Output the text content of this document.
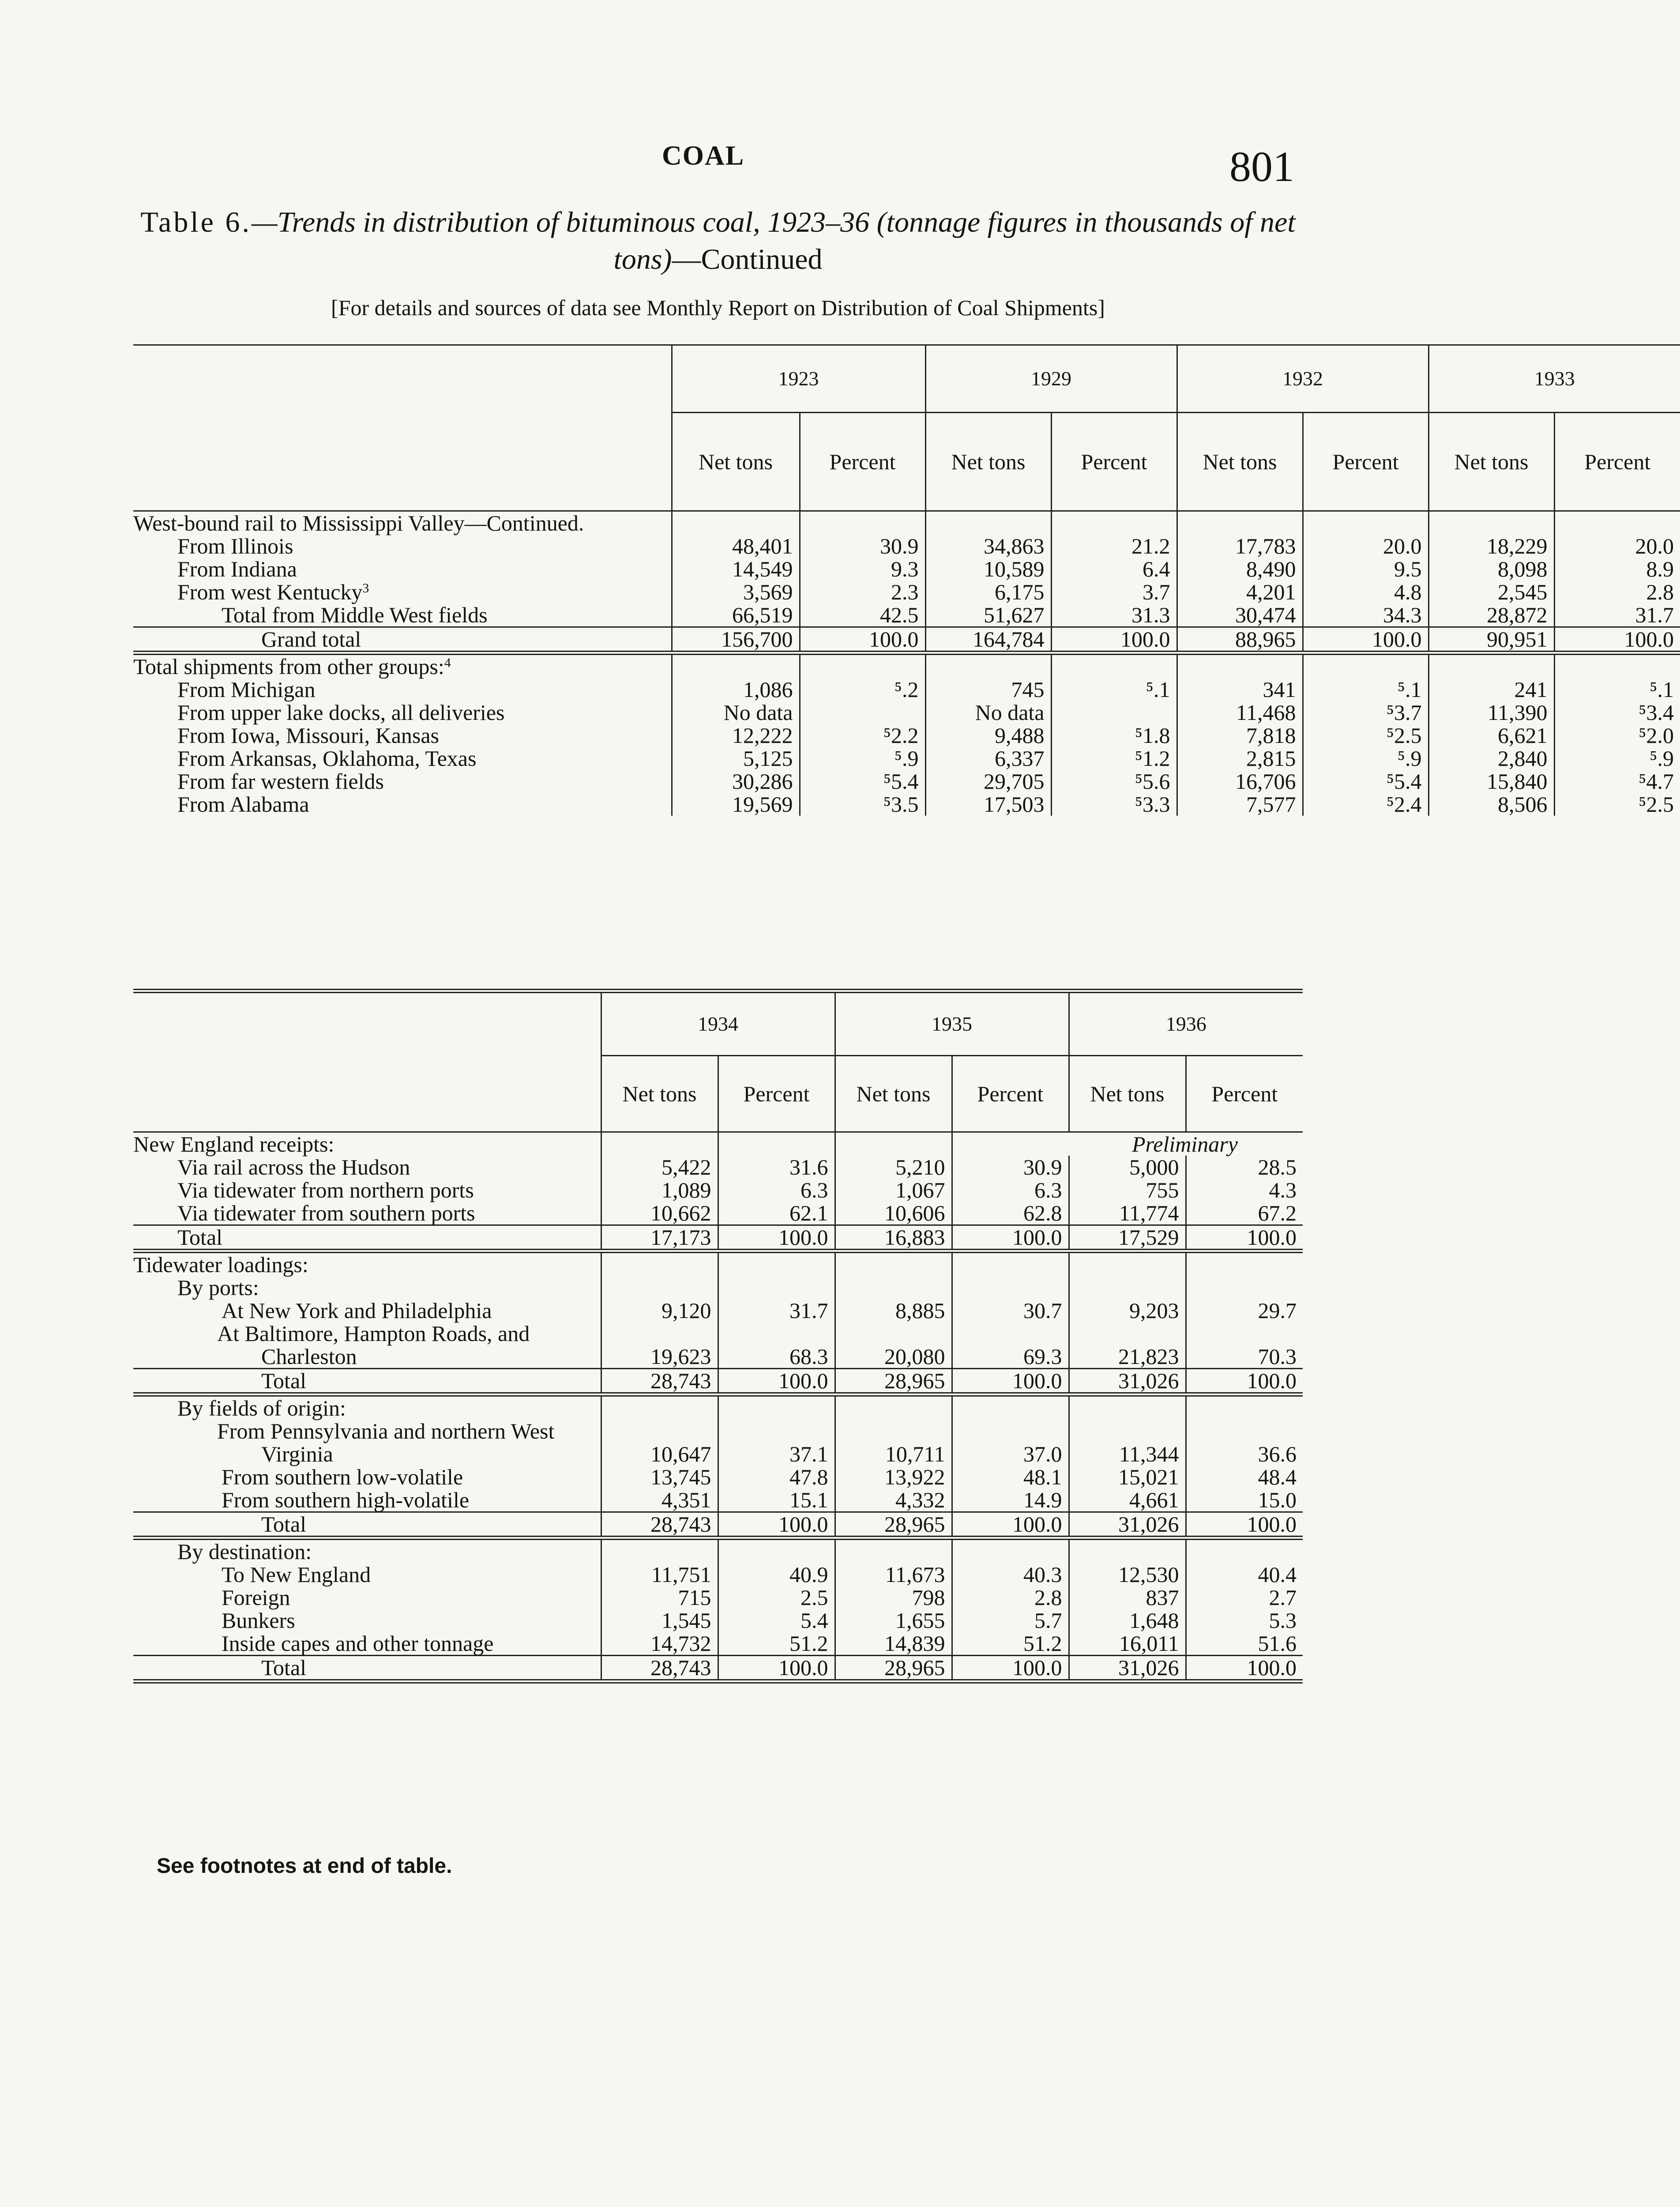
COAL	801
Table 6.—Trends in distribution of bituminous coal, 1923–36 (tonnage figures in thousands of net tons)—Continued
[For details and sources of data see Monthly Report on Distribution of Coal Shipments]
	1923		1929		1932		1933	
	Net tons	Percent	Net tons	Percent	Net tons	Percent	Net tons	Percent
West-bound rail to Mississippi Valley—Continued.								
From Illinois	48,401	30.9	34,863	21.2	17,783	20.0	18,229	20.0
From Indiana	14,549	9.3	10,589	6.4	8,490	9.5	8,098	8.9
From west Kentucky$^3$	3,569	2.3	6,175	3.7	4,201	4.8	2,545	2.8
Total from Middle West fields	66,519	42.5	51,627	31.3	30,474	34.3	28,872	31.7
Grand total	156,700	100.0	164,784	100.0	88,965	100.0	90,951	100.0
Total shipments from other groups:$^4$								
From Michigan	1,086	⁵.2	745	⁵.1	341	⁵.1	241	⁵.1
From upper lake docks, all deliveries	No data		No data		11,468	⁵3.7	11,390	⁵3.4
From Iowa, Missouri, Kansas	12,222	⁵2.2	9,488	⁵1.8	7,818	⁵2.5	6,621	⁵2.0
From Arkansas, Oklahoma, Texas	5,125	⁵.9	6,337	⁵1.2	2,815	⁵.9	2,840	⁵.9
From far western fields	30,286	⁵5.4	29,705	⁵5.6	16,706	⁵5.4	15,840	⁵4.7
From Alabama	19,569	⁵3.5	17,503	⁵3.3	7,577	⁵2.4	8,506	⁵2.5
	1934		1935		1936	
	Net tons	Percent	Net tons	Percent	Net tons	Percent
New England receipts:					Preliminary	
Via rail across the Hudson	5,422	31.6	5,210	30.9	5,000	28.5
Via tidewater from northern ports	1,089	6.3	1,067	6.3	755	4.3
Via tidewater from southern ports	10,662	62.1	10,606	62.8	11,774	67.2
Total	17,173	100.0	16,883	100.0	17,529	100.0
Tidewater loadings:						
By ports:						
At New York and Philadelphia	9,120	31.7	8,885	30.7	9,203	29.7
At Baltimore, Hampton Roads, and Charleston	19,623	68.3	20,080	69.3	21,823	70.3
Total	28,743	100.0	28,965	100.0	31,026	100.0
By fields of origin:						
From Pennsylvania and northern West Virginia	10,647	37.1	10,711	37.0	11,344	36.6
From southern low-volatile	13,745	47.8	13,922	48.1	15,021	48.4
From southern high-volatile	4,351	15.1	4,332	14.9	4,661	15.0
Total	28,743	100.0	28,965	100.0	31,026	100.0
By destination:						
To New England	11,751	40.9	11,673	40.3	12,530	40.4
Foreign	715	2.5	798	2.8	837	2.7
Bunkers	1,545	5.4	1,655	5.7	1,648	5.3
Inside capes and other tonnage	14,732	51.2	14,839	51.2	16,011	51.6
Total	28,743	100.0	28,965	100.0	31,026	100.0
See footnotes at end of table.
